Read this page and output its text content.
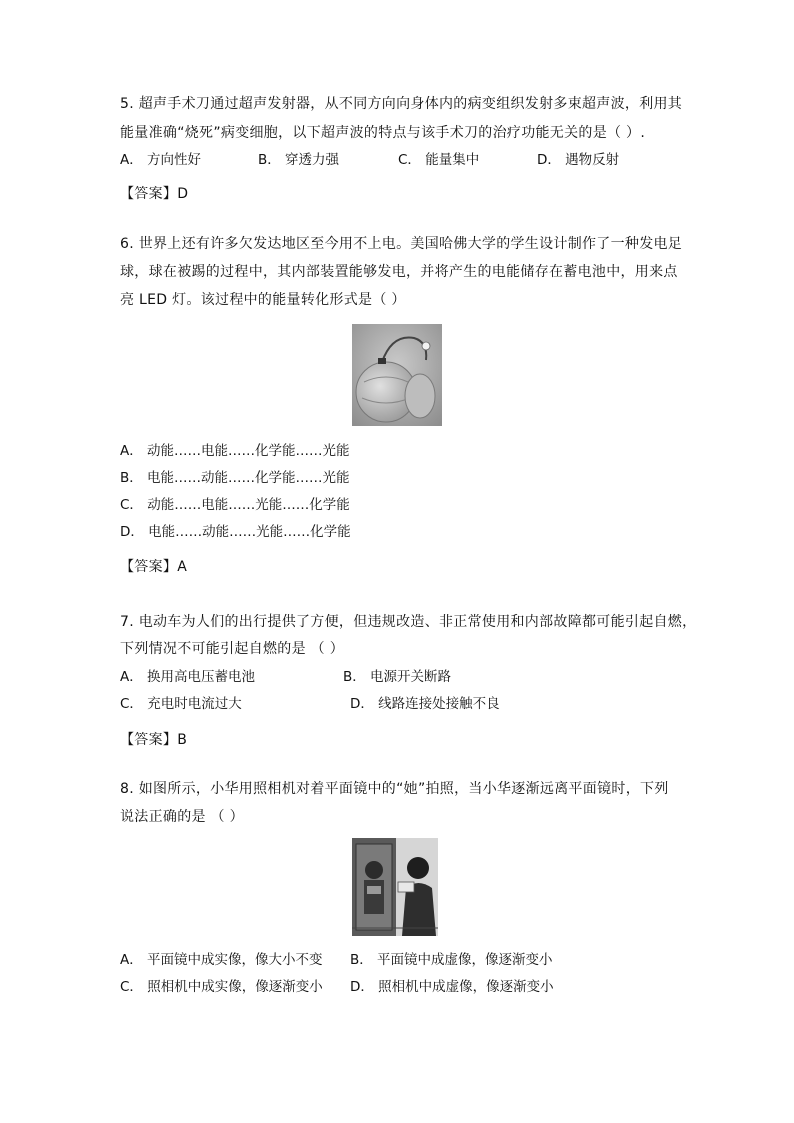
5. 超声手术刀通过超声发射器，从不同方向向身体内的病变组织发射多束超声波，利用其
能量准确“烧死”病变细胞，以下超声波的特点与该手术刀的治疗功能无关的是（ ）.
A． 方向性好	B． 穿透力强	C． 能量集中	D． 遇物反射
【答案】D
6. 世界上还有许多欠发达地区至今用不上电。美国哈佛大学的学生设计制作了一种发电足
球，球在被踢的过程中，其内部装置能够发电，并将产生的电能储存在蓄电池中，用来点
亮 LED 灯。该过程中的能量转化形式是（ ）
A． 动能……电能……化学能……光能
B． 电能……动能……化学能……光能
C． 动能……电能……光能……化学能
D． 电能……动能……光能……化学能
【答案】A
7. 电动车为人们的出行提供了方便，但违规改造、非正常使用和内部故障都可能引起自燃，
下列情况不可能引起自燃的是 （ ）
A． 换用高电压蓄电池	B． 电源开关断路
C． 充电时电流过大	D． 线路连接处接触不良
【答案】B
8. 如图所示，小华用照相机对着平面镜中的“她”拍照，当小华逐渐远离平面镜时，下列
说法正确的是 （ ）
A． 平面镜中成实像，像大小不变 B． 平面镜中成虚像，像逐渐变小
C． 照相机中成实像，像逐渐变小 D． 照相机中成虚像，像逐渐变小
